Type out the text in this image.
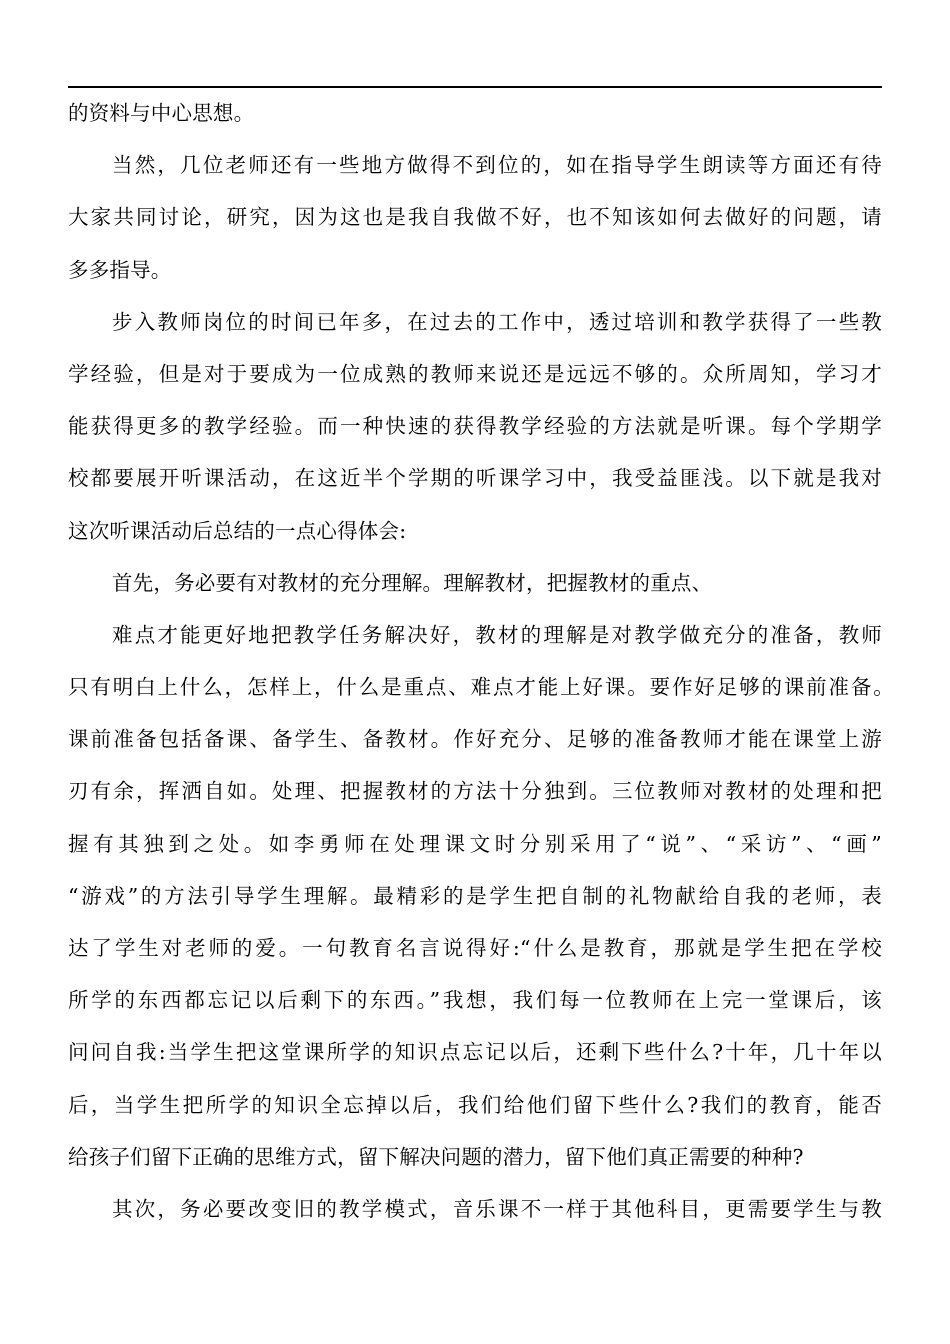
的资料与中心思想。
当然，几位老师还有一些地方做得不到位的，如在指导学生朗读等方面还有待
大家共同讨论，研究，因为这也是我自我做不好，也不知该如何去做好的问题，请
多多指导。
步入教师岗位的时间已年多，在过去的工作中，透过培训和教学获得了一些教
学经验，但是对于要成为一位成熟的教师来说还是远远不够的。众所周知，学习才
能获得更多的教学经验。而一种快速的获得教学经验的方法就是听课。每个学期学
校都要展开听课活动，在这近半个学期的听课学习中，我受益匪浅。以下就是我对
这次听课活动后总结的一点心得体会:
首先，务必要有对教材的充分理解。理解教材，把握教材的重点、
难点才能更好地把教学任务解决好，教材的理解是对教学做充分的准备，教师
只有明白上什么，怎样上，什么是重点、难点才能上好课。要作好足够的课前准备。
课前准备包括备课、备学生、备教材。作好充分、足够的准备教师才能在课堂上游
刃有余，挥洒自如。处理、把握教材的方法十分独到。三位教师对教材的处理和把
握有其独到之处。如李勇师在处理课文时分别采用了“说”、“采访”、“画”
“游戏”的方法引导学生理解。最精彩的是学生把自制的礼物献给自我的老师，表
达了学生对老师的爱。一句教育名言说得好:“什么是教育，那就是学生把在学校
所学的东西都忘记以后剩下的东西。”我想，我们每一位教师在上完一堂课后，该
问问自我:当学生把这堂课所学的知识点忘记以后，还剩下些什么?十年，几十年以
后，当学生把所学的知识全忘掉以后，我们给他们留下些什么?我们的教育，能否
给孩子们留下正确的思维方式，留下解决问题的潜力，留下他们真正需要的种种?
其次，务必要改变旧的教学模式，音乐课不一样于其他科目，更需要学生与教
